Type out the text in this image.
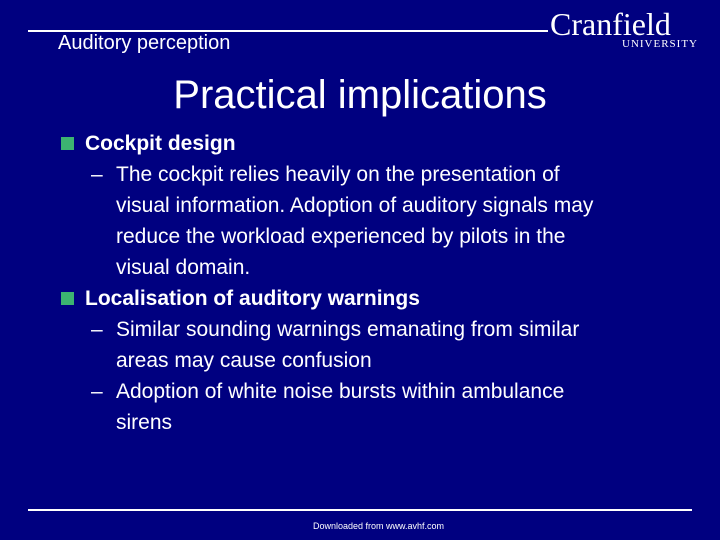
Auditory perception
Cranfield
UNIVERSITY
Practical implications
Cockpit design
– The cockpit relies heavily on the presentation of
visual information. Adoption of auditory signals may
reduce the workload experienced by pilots in the
visual domain.
Localisation of auditory warnings
– Similar sounding warnings emanating from similar
areas may cause confusion
– Adoption of white noise bursts within ambulance
sirens
Downloaded from www.avhf.com
